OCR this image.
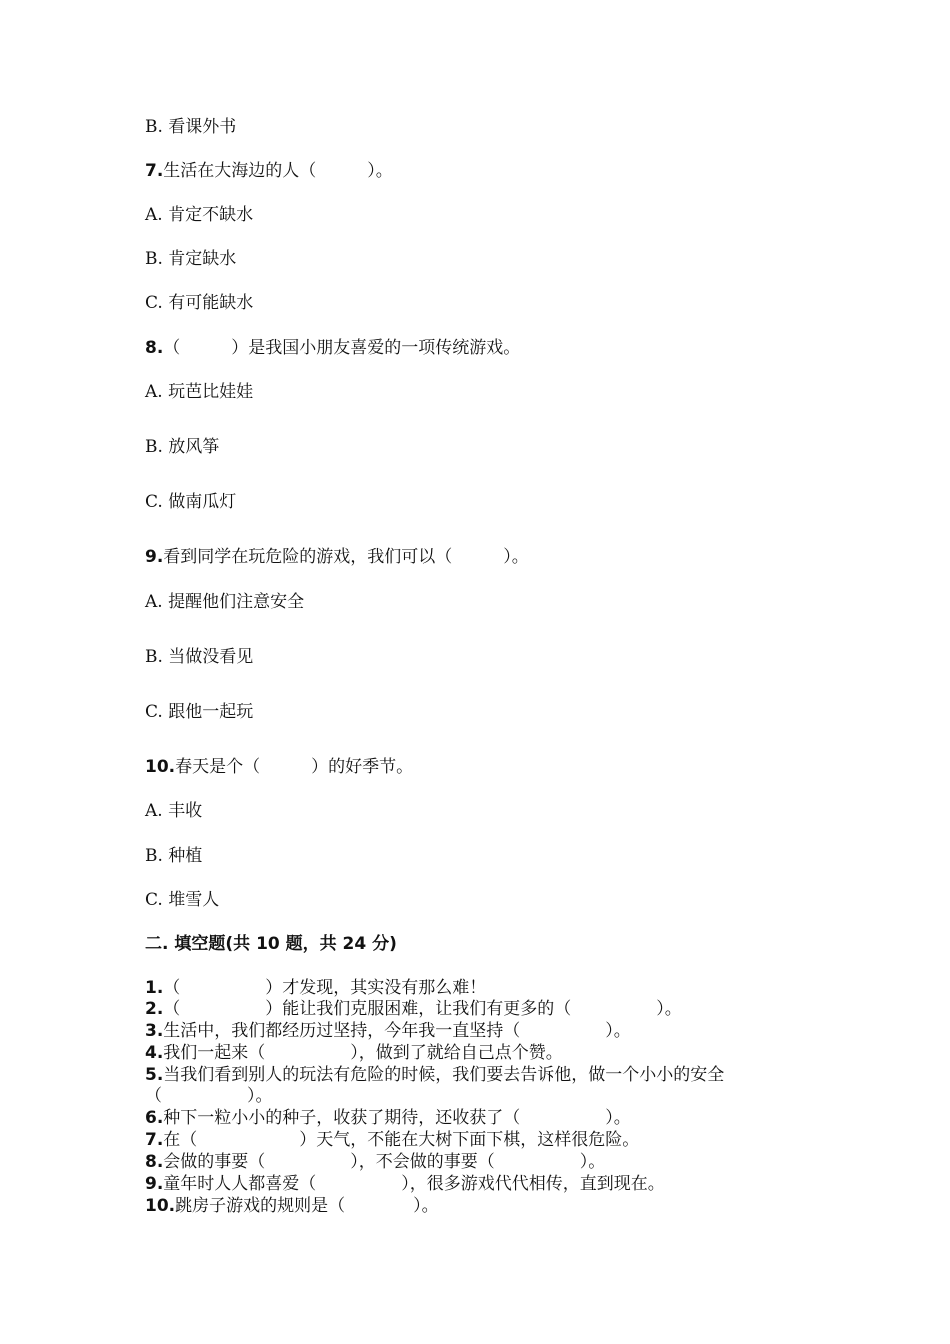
B. 看课外书
7.生活在大海边的人（　　　）。
A. 肯定不缺水
B. 肯定缺水
C. 有可能缺水
8.（　　　）是我国小朋友喜爱的一项传统游戏。
A. 玩芭比娃娃
B. 放风筝
C. 做南瓜灯
9.看到同学在玩危险的游戏，我们可以（　　　）。
A. 提醒他们注意安全
B. 当做没看见
C. 跟他一起玩
10.春天是个（　　　）的好季节。
A. 丰收
B. 种植
C. 堆雪人
二. 填空题(共 10 题，共 24 分)
1.（　　　　　）才发现，其实没有那么难！
2.（　　　　　）能让我们克服困难，让我们有更多的（　　　　　）。
3.生活中，我们都经历过坚持，今年我一直坚持（　　　　　）。
4.我们一起来（　　　　　），做到了就给自己点个赞。
5.当我们看到别人的玩法有危险的时候，我们要去告诉他，做一个小小的安全
（　　　　　）。
6.种下一粒小小的种子，收获了期待，还收获了（　　　　　）。
7.在（　　　　　　）天气，不能在大树下面下棋，这样很危险。
8.会做的事要（　　　　　），不会做的事要（　　　　　）。
9.童年时人人都喜爱（　　　　　），很多游戏代代相传，直到现在。
10.跳房子游戏的规则是（　　　　）。
